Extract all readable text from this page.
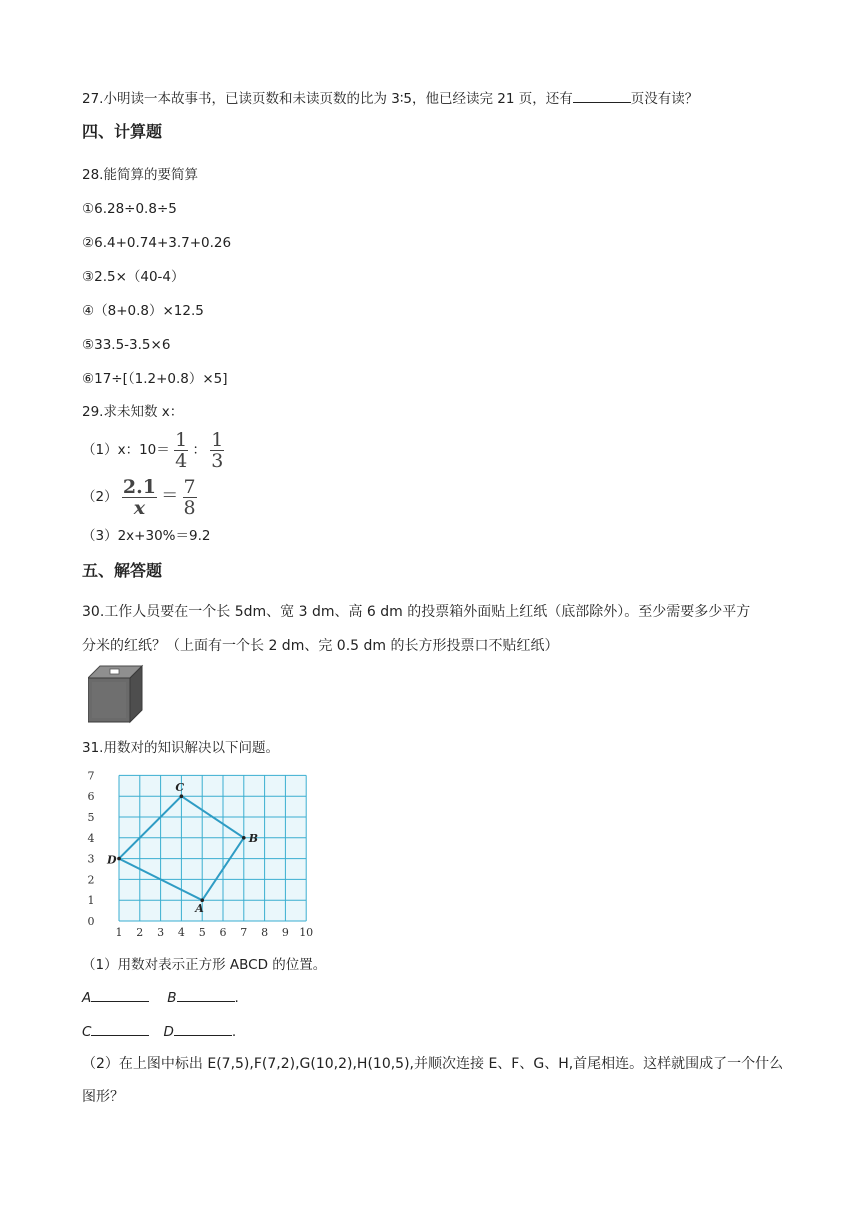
27.小明读一本故事书，已读页数和未读页数的比为 3∶5，他已经读完 21 页，还有	页没有读？
四、计算题
28.能简算的要简算
①6.28÷0.8÷5
②6.4+0.74+3.7+0.26
③2.5×（40-4）
④（8+0.8）×12.5
⑤33.5-3.5×6
⑥17÷[（1.2+0.8）×5]
29.求未知数 x：
（1）x：$10= \frac{1}{4}$ ： $\frac{1}{3}$
$(2) \frac{2.1}{x} = \frac{7}{8}$
（3）2x+30%＝9.2
五、解答题
30.工作人员要在一个长 5dm、宽 3 dm、高 6 dm 的投票箱外面贴上红纸（底部除外）。至少需要多少平方
分米的红纸？（上面有一个长 2 dm、完 0.5 dm 的长方形投票口不贴红纸）
31.用数对的知识解决以下问题。
1 2 3 4 5 6 7 8 9 10
0
1
2
3
4
5
6
7
A
B
C
D
（1）用数对表示正方形 ABCD 的位置。
A	B	.
C	D	.
（2）在上图中标出 E(7,5),F(7,2),G(10,2),H(10,5),并顺次连接 E、F、G、H,首尾相连。这样就围成了一个什么
图形？
